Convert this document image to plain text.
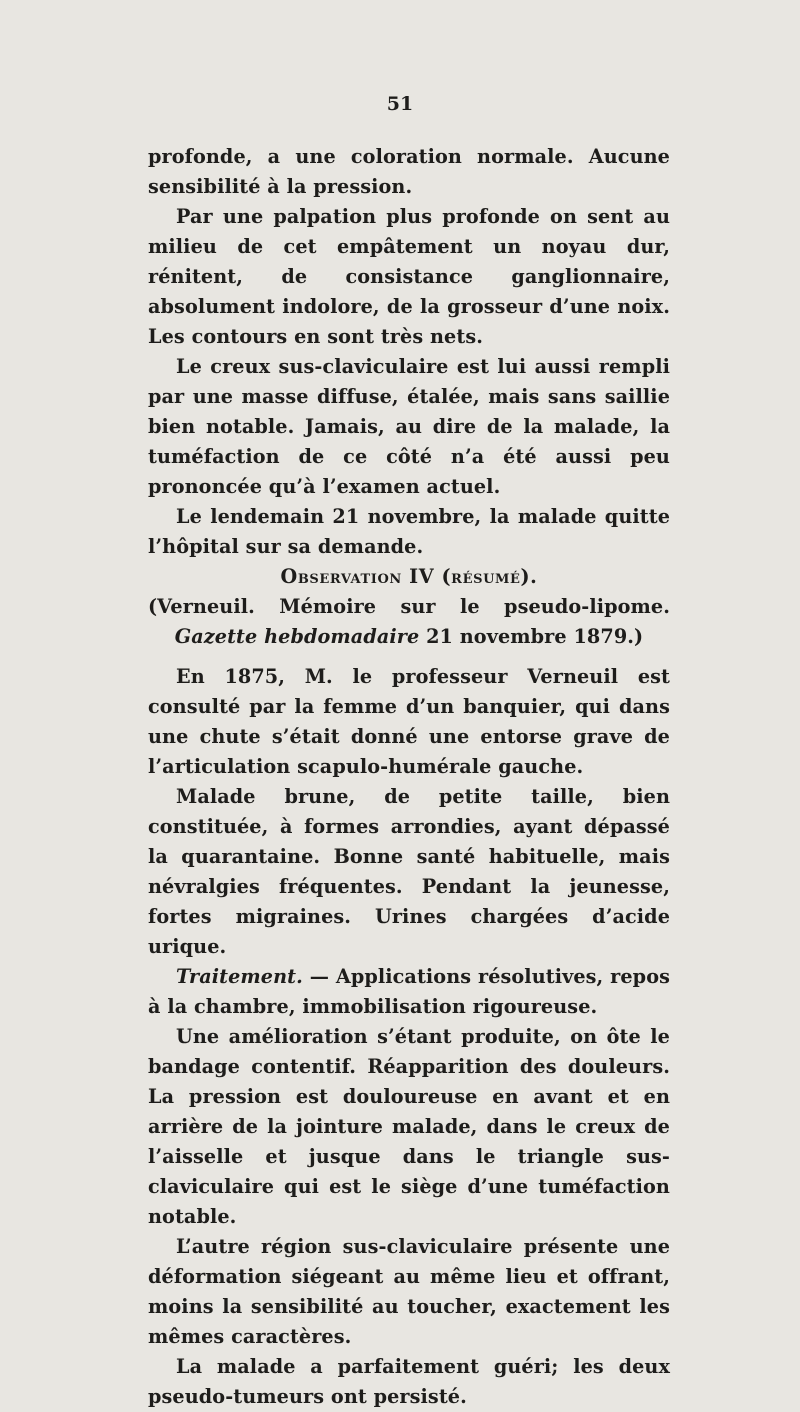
51

profonde, a une coloration normale. Aucune sensibilité à la pression.

Par une palpation plus profonde on sent au milieu de cet empâtement un noyau dur, rénitent, de consistance ganglionnaire, absolument indolore, de la grosseur d’une noix. Les contours en sont très nets.

Le creux sus-claviculaire est lui aussi rempli par une masse diffuse, étalée, mais sans saillie bien notable. Jamais, au dire de la malade, la tuméfaction de ce côté n’a été aussi peu prononcée qu’à l’examen actuel.

Le lendemain 21 novembre, la malade quitte l’hôpital sur sa demande.

Observation IV (résumé).

(Verneuil. Mémoire sur le pseudo-lipome. Gazette hebdomadaire 21 novembre 1879.)

En 1875, M. le professeur Verneuil est consulté par la femme d’un banquier, qui dans une chute s’était donné une entorse grave de l’articulation scapulo-humérale gauche.

Malade brune, de petite taille, bien constituée, à formes arrondies, ayant dépassé la quarantaine. Bonne santé habituelle, mais névralgies fréquentes. Pendant la jeunesse, fortes migraines. Urines chargées d’acide urique.

Traitement. — Applications résolutives, repos à la chambre, immobilisation rigoureuse.

Une amélioration s’étant produite, on ôte le bandage contentif. Réapparition des douleurs. La pression est douloureuse en avant et en arrière de la jointure malade, dans le creux de l’aisselle et jusque dans le triangle sus-claviculaire qui est le siège d’une tuméfaction notable.

L’autre région sus-claviculaire présente une déformation siégeant au même lieu et offrant, moins la sensibilité au toucher, exactement les mêmes caractères.

La malade a parfaitement guéri; les deux pseudo-tumeurs ont persisté.
